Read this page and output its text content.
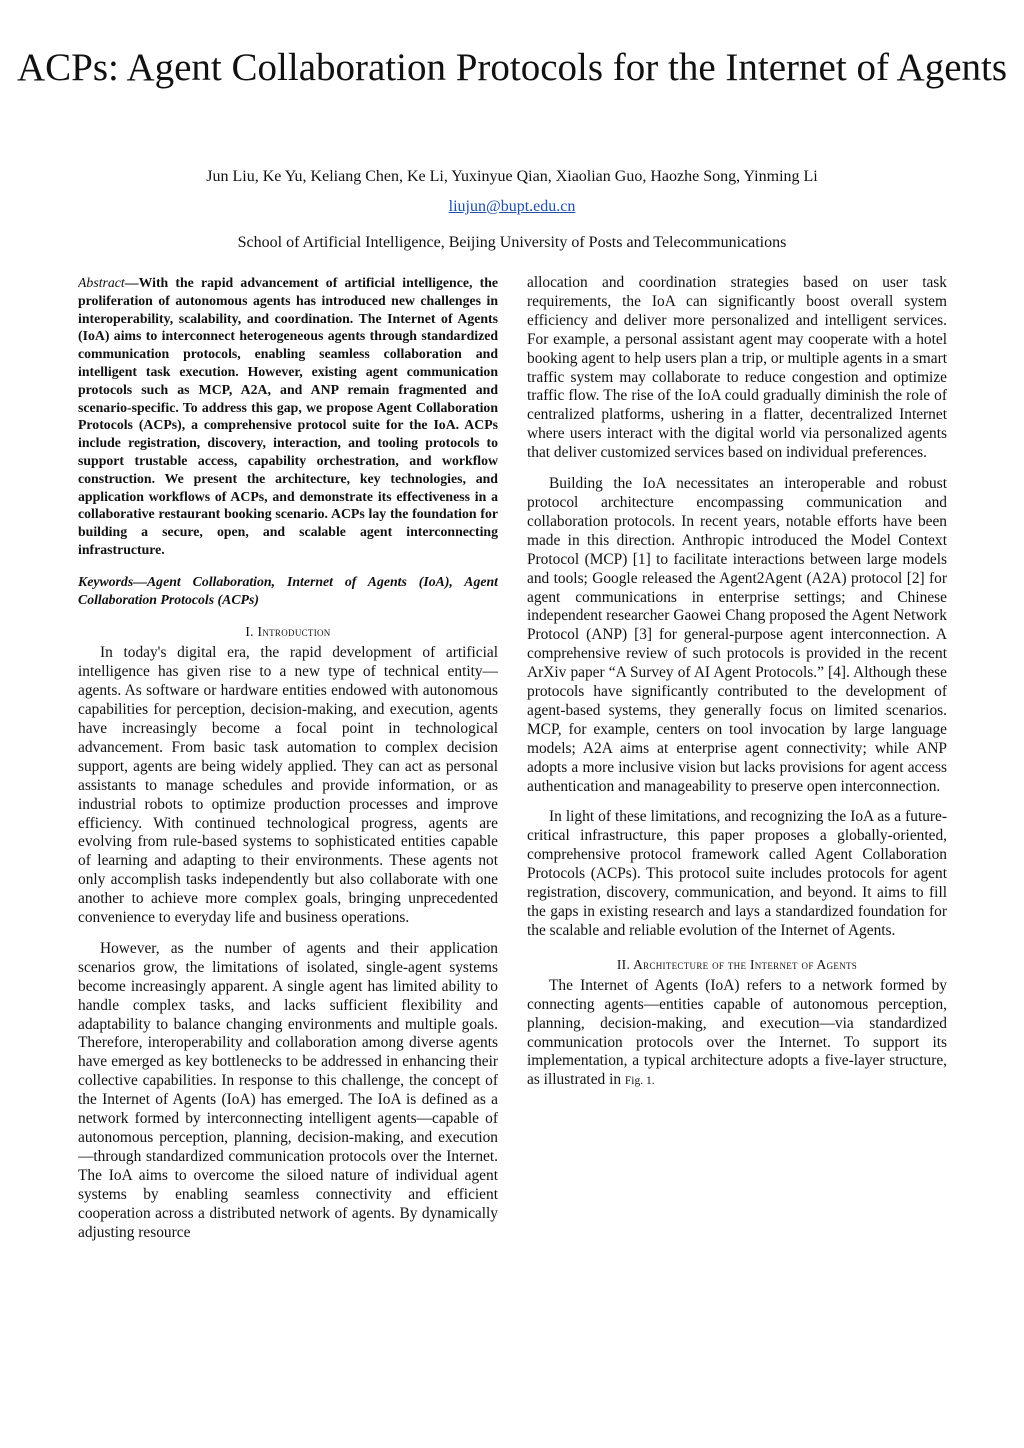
ACPs: Agent Collaboration Protocols for the Internet of Agents
Jun Liu, Ke Yu, Keliang Chen, Ke Li, Yuxinyue Qian, Xiaolian Guo, Haozhe Song, Yinming Li
liujun@bupt.edu.cn
School of Artificial Intelligence, Beijing University of Posts and Telecommunications

Abstract—With the rapid advancement of artificial intelligence, the proliferation of autonomous agents has introduced new challenges in interoperability, scalability, and coordination. The Internet of Agents (IoA) aims to interconnect heterogeneous agents through standardized communication protocols, enabling seamless collaboration and intelligent task execution. However, existing agent communication protocols such as MCP, A2A, and ANP remain fragmented and scenario-specific. To address this gap, we propose Agent Collaboration Protocols (ACPs), a comprehensive protocol suite for the IoA. ACPs include registration, discovery, interaction, and tooling protocols to support trustable access, capability orchestration, and workflow construction. We present the architecture, key technologies, and application workflows of ACPs, and demonstrate its effectiveness in a collaborative restaurant booking scenario. ACPs lay the foundation for building a secure, open, and scalable agent interconnecting infrastructure.

Keywords—Agent Collaboration, Internet of Agents (IoA), Agent Collaboration Protocols (ACPs)

I. Introduction

In today's digital era, the rapid development of artificial intelligence has given rise to a new type of technical entity—agents. As software or hardware entities endowed with autonomous capabilities for perception, decision-making, and execution, agents have increasingly become a focal point in technological advancement. From basic task automation to complex decision support, agents are being widely applied. They can act as personal assistants to manage schedules and provide information, or as industrial robots to optimize production processes and improve efficiency. With continued technological progress, agents are evolving from rule-based systems to sophisticated entities capable of learning and adapting to their environments. These agents not only accomplish tasks independently but also collaborate with one another to achieve more complex goals, bringing unprecedented convenience to everyday life and business operations.

However, as the number of agents and their application scenarios grow, the limitations of isolated, single-agent systems become increasingly apparent. A single agent has limited ability to handle complex tasks, and lacks sufficient flexibility and adaptability to balance changing environments and multiple goals. Therefore, interoperability and collaboration among diverse agents have emerged as key bottlenecks to be addressed in enhancing their collective capabilities. In response to this challenge, the concept of the Internet of Agents (IoA) has emerged. The IoA is defined as a network formed by interconnecting intelligent agents—capable of autonomous perception, planning, decision-making, and execution—through standardized communication protocols over the Internet. The IoA aims to overcome the siloed nature of individual agent systems by enabling seamless connectivity and efficient cooperation across a distributed network of agents. By dynamically adjusting resource

allocation and coordination strategies based on user task requirements, the IoA can significantly boost overall system efficiency and deliver more personalized and intelligent services. For example, a personal assistant agent may cooperate with a hotel booking agent to help users plan a trip, or multiple agents in a smart traffic system may collaborate to reduce congestion and optimize traffic flow. The rise of the IoA could gradually diminish the role of centralized platforms, ushering in a flatter, decentralized Internet where users interact with the digital world via personalized agents that deliver customized services based on individual preferences.

Building the IoA necessitates an interoperable and robust protocol architecture encompassing communication and collaboration protocols. In recent years, notable efforts have been made in this direction. Anthropic introduced the Model Context Protocol (MCP) [1] to facilitate interactions between large models and tools; Google released the Agent2Agent (A2A) protocol [2] for agent communications in enterprise settings; and Chinese independent researcher Gaowei Chang proposed the Agent Network Protocol (ANP) [3] for general-purpose agent interconnection. A comprehensive review of such protocols is provided in the recent ArXiv paper “A Survey of AI Agent Protocols.” [4]. Although these protocols have significantly contributed to the development of agent-based systems, they generally focus on limited scenarios. MCP, for example, centers on tool invocation by large language models; A2A aims at enterprise agent connectivity; while ANP adopts a more inclusive vision but lacks provisions for agent access authentication and manageability to preserve open interconnection.

In light of these limitations, and recognizing the IoA as a future-critical infrastructure, this paper proposes a globally-oriented, comprehensive protocol framework called Agent Collaboration Protocols (ACPs). This protocol suite includes protocols for agent registration, discovery, communication, and beyond. It aims to fill the gaps in existing research and lays a standardized foundation for the scalable and reliable evolution of the Internet of Agents.

II. Architecture of the Internet of Agents

The Internet of Agents (IoA) refers to a network formed by connecting agents—entities capable of autonomous perception, planning, decision-making, and execution—via standardized communication protocols over the Internet. To support its implementation, a typical architecture adopts a five-layer structure, as illustrated in Fig. 1.
